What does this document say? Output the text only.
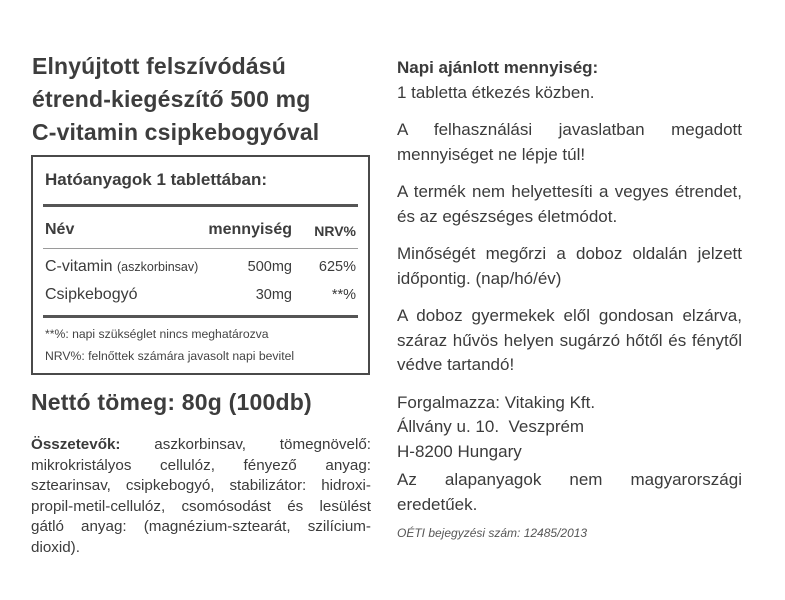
Elnyújtott felszívódású
étrend-kiegészítő 500 mg
C-vitamin csipkebogyóval
Hatóanyagok 1 tablettában:
Név	mennyiség NRV%
C-vitamin (aszkorbinsav)	500mg 625%
Csipkebogyó	30mg	**%
**%: napi szükséglet nincs meghatározva
NRV%: felnőttek számára javasolt napi bevitel
Nettó tömeg: 80g (100db)
Összetevők: aszkorbinsav, tömegnövelő: mikrokristályos cellulóz, fényező anyag: sztearinsav, csipkebogyó, stabilizátor: hidroxi-propil-metil-cellulóz, csomósodást és lesülést gátló anyag: (magnézium-sztearát, szilícium-dioxid).

Napi ajánlott mennyiség:

1 tabletta étkezés közben.

A felhasználási javaslatban megadott mennyiséget ne lépje túl!

A termék nem helyettesíti a vegyes étrendet, és az egészséges életmódot.

Minőségét megőrzi a doboz oldalán jelzett időpontig. (nap/hó/év)

A doboz gyermekek elől gondosan elzárva, száraz hűvös helyen sugárzó hőtől és fénytől védve tartandó!

Forgalmazza: Vitaking Kft.

Állvány u. 10.  Veszprém

H-8200 Hungary

Az alapanyagok nem magyarországi eredetűek.

OÉTI bejegyzési szám: 12485/2013
